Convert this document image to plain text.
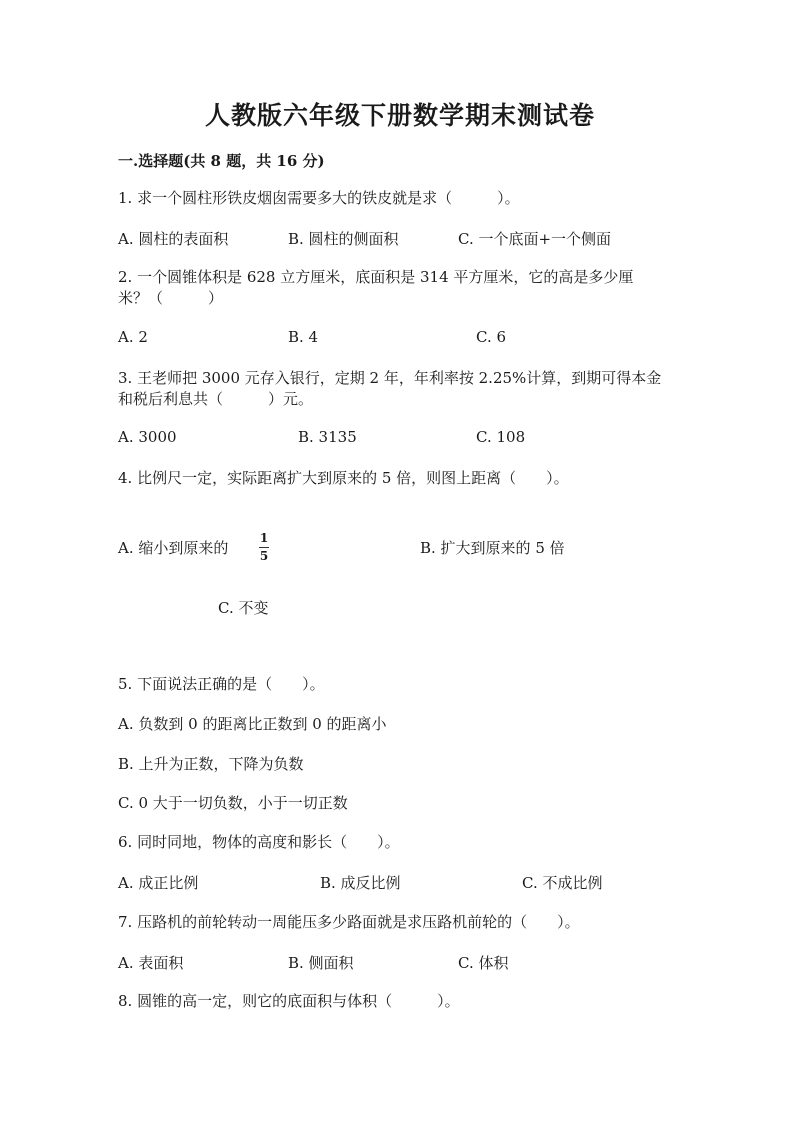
人教版六年级下册数学期末测试卷
一.选择题(共 8 题，共 16 分)
1. 求一个圆柱形铁皮烟囱需要多大的铁皮就是求（　　　）。
A. 圆柱的表面积	B. 圆柱的侧面积	C. 一个底面+一个侧面
2. 一个圆锥体积是 628 立方厘米，底面积是 314 平方厘米，它的高是多少厘
米？（　　　）
A. 2	B. 4	C. 6
3. 王老师把 3000 元存入银行，定期 2 年，年利率按 2.25%计算，到期可得本金
和税后利息共（　　　）元。
A. 3000	B. 3135	C. 108
4. 比例尺一定，实际距离扩大到原来的 5 倍，则图上距离（　　）。
A. 缩小到原来的
1
5	B. 扩大到原来的 5 倍
C. 不变
5. 下面说法正确的是（　　）。
A. 负数到 0 的距离比正数到 0 的距离小
B. 上升为正数，下降为负数
C. 0 大于一切负数，小于一切正数
6. 同时同地，物体的高度和影长（　　）。
A. 成正比例	B. 成反比例	C. 不成比例
7. 压路机的前轮转动一周能压多少路面就是求压路机前轮的（　　）。
A. 表面积	B. 侧面积	C. 体积
8. 圆锥的高一定，则它的底面积与体积（　　　）。
